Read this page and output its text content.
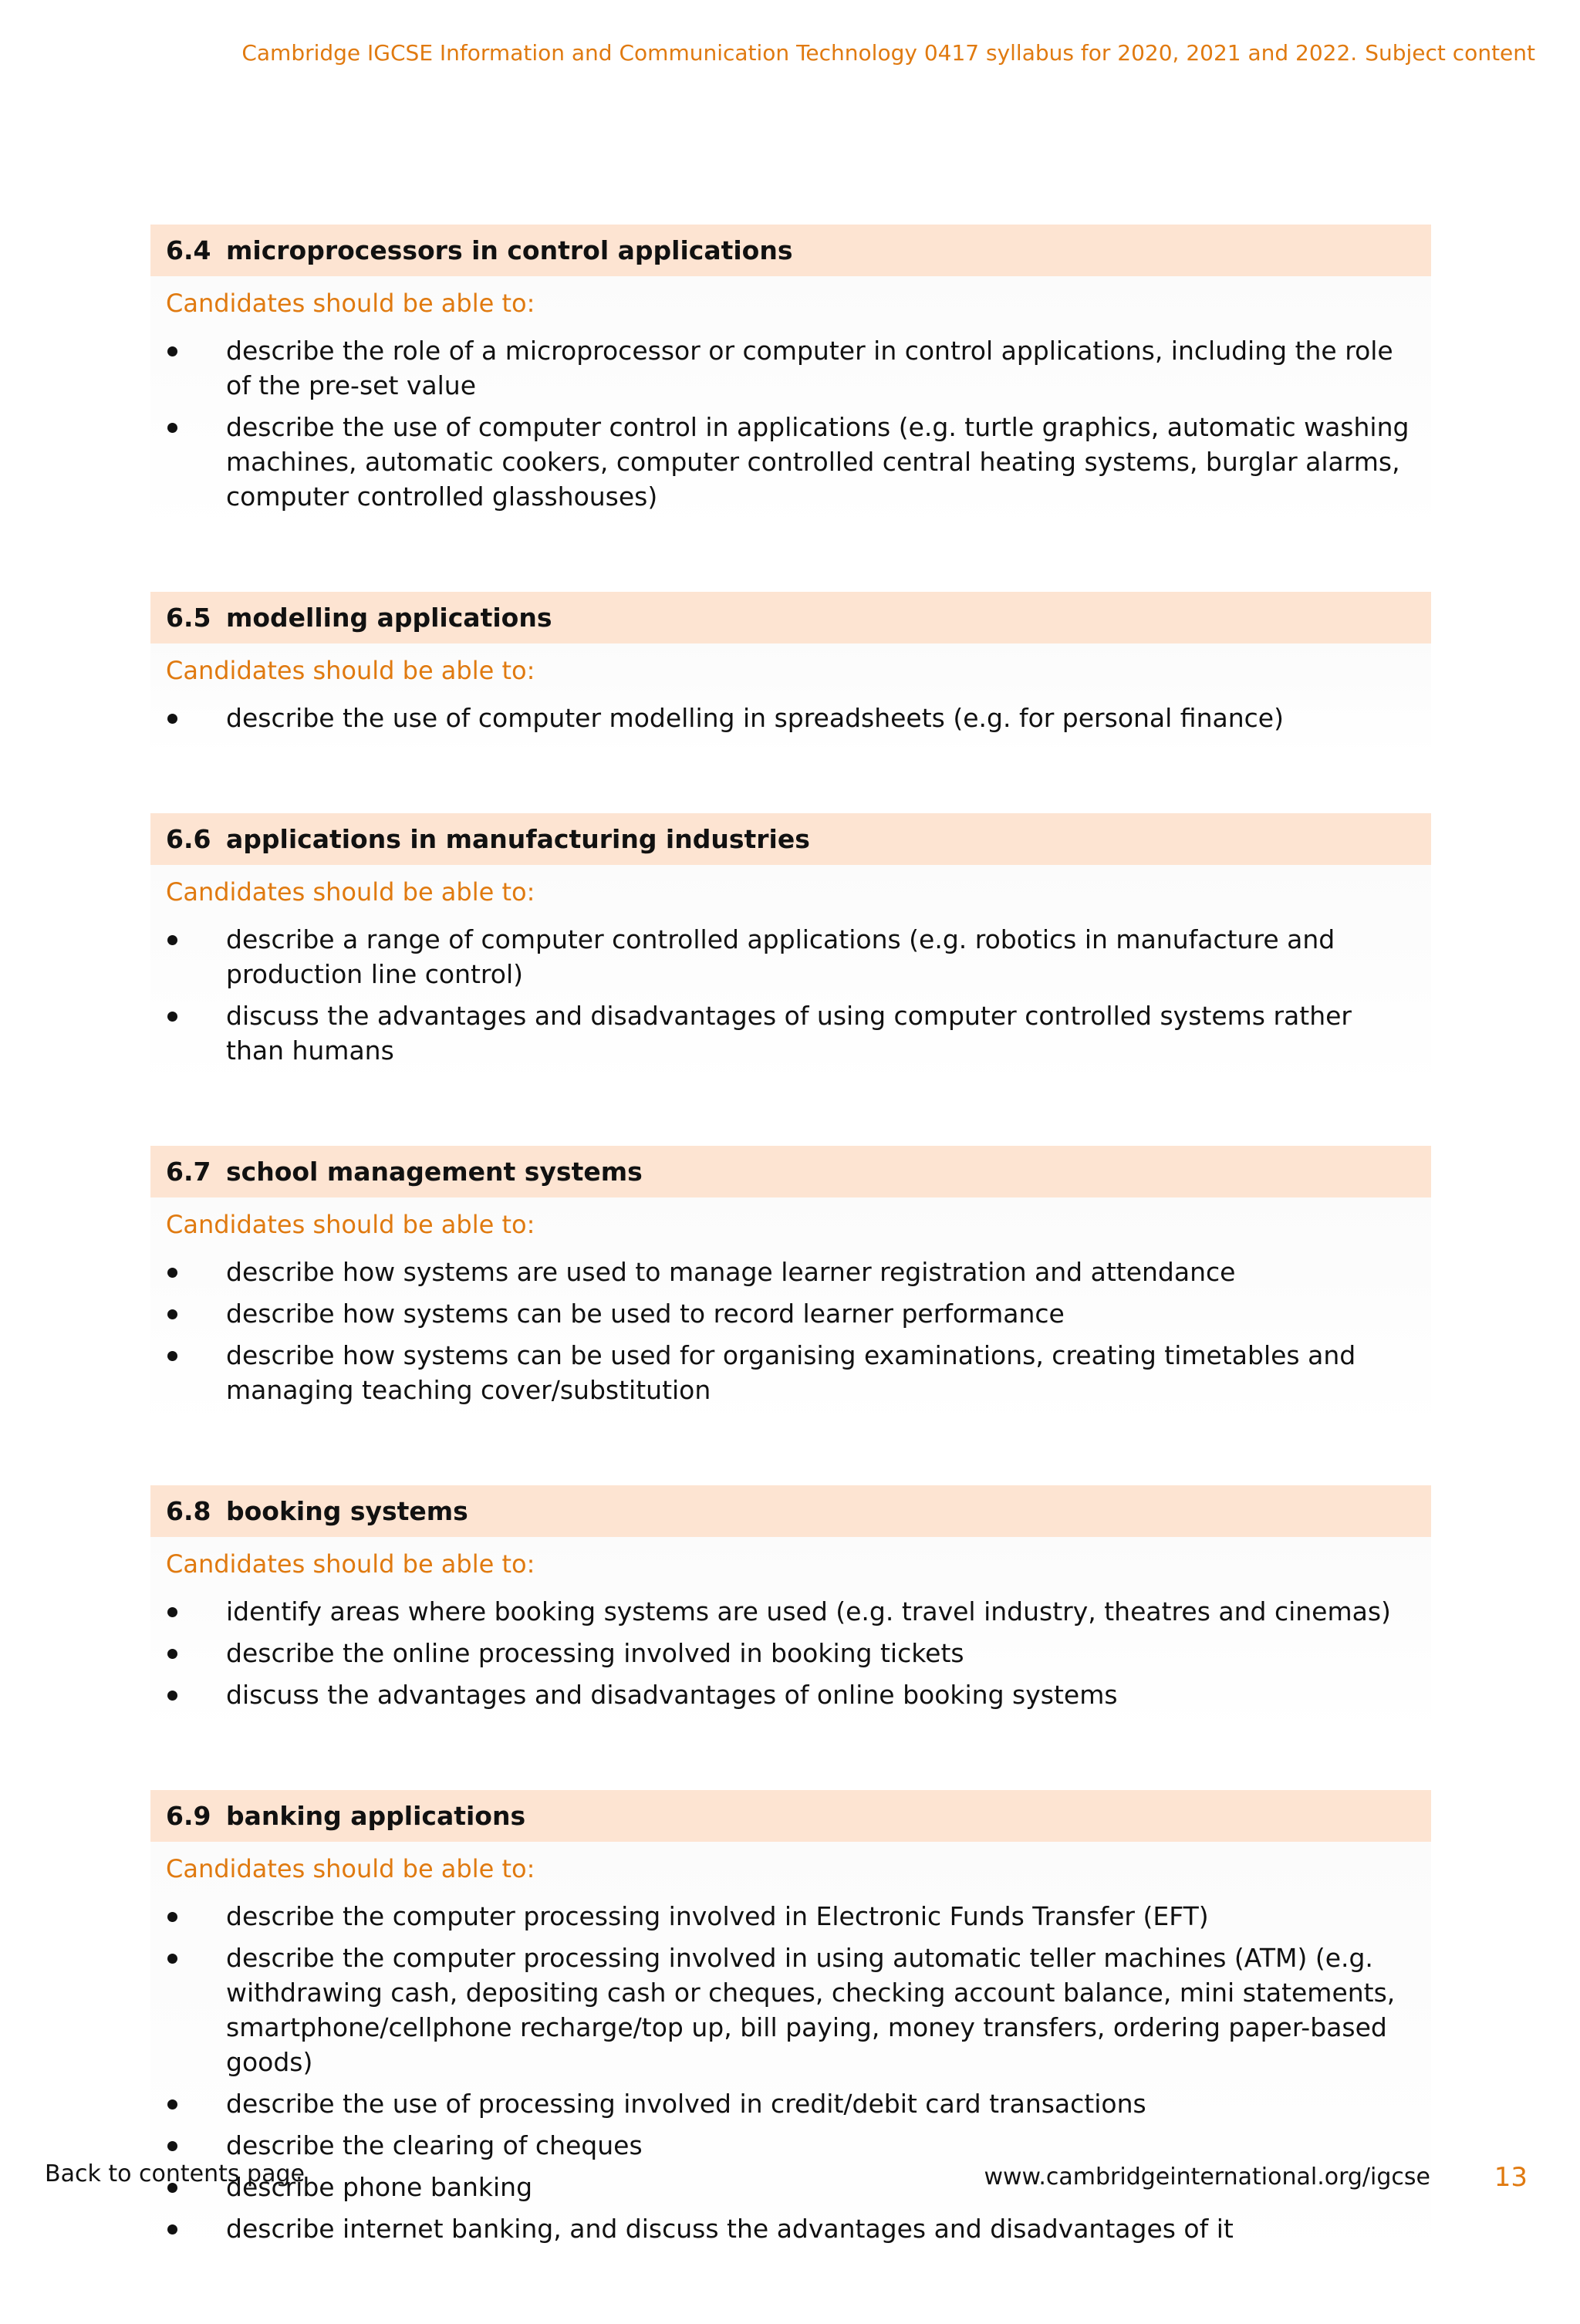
Cambridge IGCSE Information and Communication Technology 0417 syllabus for 2020, 2021 and 2022. Subject content
6.4 microprocessors in control applications

Candidates should be able to:

describe the role of a microprocessor or computer in control applications, including the role of the pre-set value
describe the use of computer control in applications (e.g. turtle graphics, automatic washing machines, automatic cookers, computer controlled central heating systems, burglar alarms, computer controlled glasshouses)
6.5 modelling applications

Candidates should be able to:

describe the use of computer modelling in spreadsheets (e.g. for personal finance)
6.6 applications in manufacturing industries

Candidates should be able to:

describe a range of computer controlled applications (e.g. robotics in manufacture and production line control)
discuss the advantages and disadvantages of using computer controlled systems rather than humans
6.7 school management systems

Candidates should be able to:

describe how systems are used to manage learner registration and attendance
describe how systems can be used to record learner performance
describe how systems can be used for organising examinations, creating timetables and managing teaching cover/substitution
6.8 booking systems

Candidates should be able to:

identify areas where booking systems are used (e.g. travel industry, theatres and cinemas)
describe the online processing involved in booking tickets
discuss the advantages and disadvantages of online booking systems
6.9 banking applications

Candidates should be able to:

describe the computer processing involved in Electronic Funds Transfer (EFT)
describe the computer processing involved in using automatic teller machines (ATM) (e.g. withdrawing cash, depositing cash or cheques, checking account balance, mini statements, smartphone/cellphone recharge/top up, bill paying, money transfers, ordering paper-based goods)
describe the use of processing involved in credit/debit card transactions
describe the clearing of cheques
describe phone banking
describe internet banking, and discuss the advantages and disadvantages of it
Back to contents page	www.cambridgeinternational.org/igcse 13
